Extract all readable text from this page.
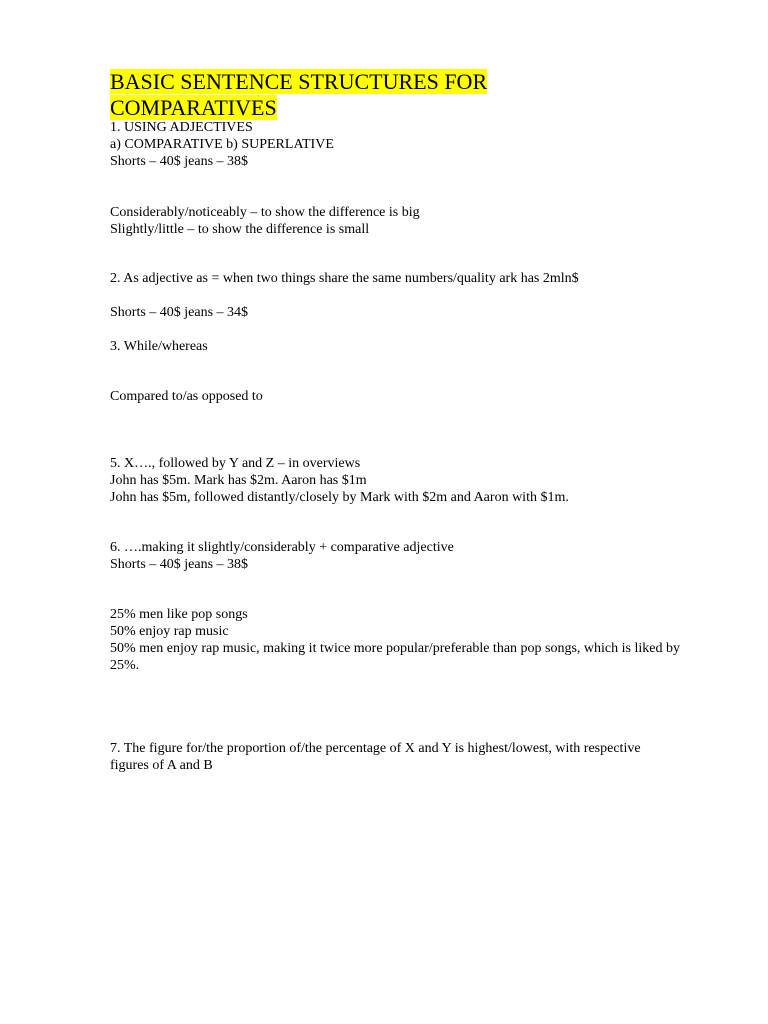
BASIC SENTENCE STRUCTURES FOR
COMPARATIVES
1. USING ADJECTIVES
a) COMPARATIVE b) SUPERLATIVE
Shorts – 40$ jeans – 38$
Considerably/noticeably – to show the difference is big
Slightly/little – to show the difference is small
2. As adjective as = when two things share the same numbers/quality ark has 2mln$
Shorts – 40$ jeans – 34$
3. While/whereas
Compared to/as opposed to
5. X…., followed by Y and Z – in overviews
John has $5m. Mark has $2m. Aaron has $1m
John has $5m, followed distantly/closely by Mark with $2m and Aaron with $1m.
6. ….making it slightly/considerably + comparative adjective
Shorts – 40$ jeans – 38$
25% men like pop songs
50% enjoy rap music
50% men enjoy rap music, making it twice more popular/preferable than pop songs, which is liked by 25%.
7. The figure for/the proportion of/the percentage of X and Y is highest/lowest, with respective figures of A and B
